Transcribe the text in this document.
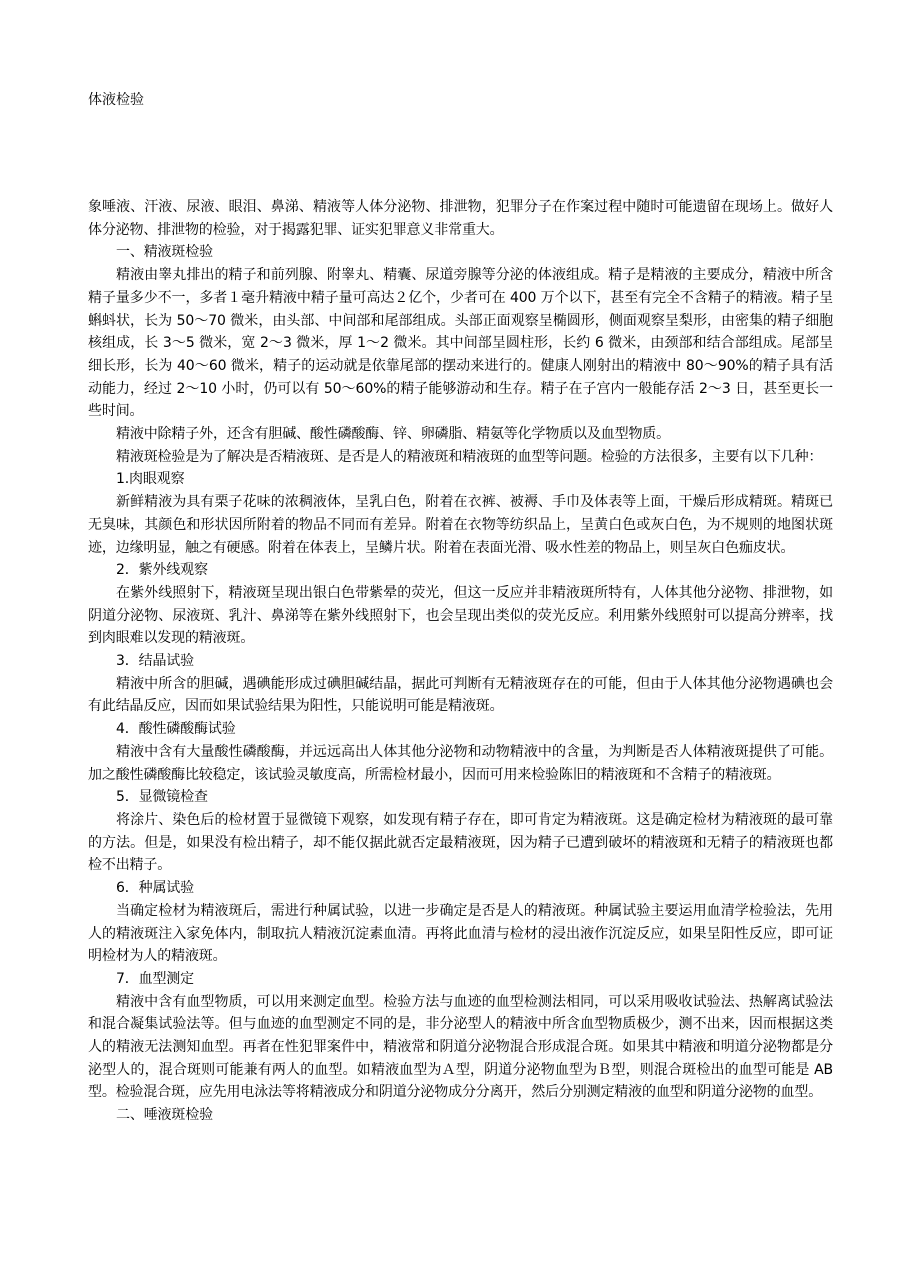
体液检验

象唾液、汗液、尿液、眼泪、鼻涕、精液等人体分泌物、排泄物，犯罪分子在作案过程中随时可能遗留在现场上。做好人体分泌物、排泄物的检验，对于揭露犯罪、证实犯罪意义非常重大。

一、精液斑检验

精液由睾丸排出的精子和前列腺、附睾丸、精囊、尿道旁腺等分泌的体液组成。精子是精液的主要成分，精液中所含精子量多少不一，多者１毫升精液中精子量可高达２亿个，少者可在 400 万个以下，甚至有完全不含精子的精液。精子呈蝌蚪状，长为 50～70 微米，由头部、中间部和尾部组成。头部正面观察呈椭圆形，侧面观察呈梨形，由密集的精子细胞核组成，长 3～5 微米，宽 2～3 微米，厚 1～2 微米。其中间部呈圆柱形，长约 6 微米，由颈部和结合部组成。尾部呈细长形，长为 40～60 微米，精子的运动就是依靠尾部的摆动来进行的。健康人刚射出的精液中 80～90%的精子具有活动能力，经过 2～10 小时，仍可以有 50～60%的精子能够游动和生存。精子在子宫内一般能存活 2～3 日，甚至更长一些时间。

精液中除精子外，还含有胆碱、酸性磷酸酶、锌、卵磷脂、精氨等化学物质以及血型物质。

精液斑检验是为了解决是否精液斑、是否是人的精液斑和精液斑的血型等问题。检验的方法很多，主要有以下几种：

1.肉眼观察

新鲜精液为具有栗子花味的浓稠液体，呈乳白色，附着在衣裤、被褥、手巾及体表等上面，干燥后形成精斑。精斑已无臭味，其颜色和形状因所附着的物品不同而有差异。附着在衣物等纺织品上，呈黄白色或灰白色，为不规则的地图状斑迹，边缘明显，触之有硬感。附着在体表上，呈鳞片状。附着在表面光滑、吸水性差的物品上，则呈灰白色痂皮状。

2．紫外线观察

在紫外线照射下，精液斑呈现出银白色带紫晕的荧光，但这一反应并非精液斑所特有，人体其他分泌物、排泄物，如阴道分泌物、尿液斑、乳汁、鼻涕等在紫外线照射下，也会呈现出类似的荧光反应。利用紫外线照射可以提高分辨率，找到肉眼难以发现的精液斑。

3．结晶试验

精液中所含的胆碱，遇碘能形成过碘胆碱结晶，据此可判断有无精液斑存在的可能，但由于人体其他分泌物遇碘也会有此结晶反应，因而如果试验结果为阳性，只能说明可能是精液斑。

4．酸性磷酸酶试验

精液中含有大量酸性磷酸酶，并远远高出人体其他分泌物和动物精液中的含量，为判断是否人体精液斑提供了可能。加之酸性磷酸酶比较稳定，该试验灵敏度高，所需检材最小，因而可用来检验陈旧的精液斑和不含精子的精液斑。

5．显微镜检查

将涂片、染色后的检材置于显微镜下观察，如发现有精子存在，即可肯定为精液斑。这是确定检材为精液斑的最可靠的方法。但是，如果没有检出精子，却不能仅据此就否定最精液斑，因为精子已遭到破坏的精液斑和无精子的精液斑也都检不出精子。

6．种属试验

当确定检材为精液斑后，需进行种属试验，以进一步确定是否是人的精液斑。种属试验主要运用血清学检验法，先用人的精液斑注入家免体内，制取抗人精液沉淀素血清。再将此血清与检材的浸出液作沉淀反应，如果呈阳性反应，即可证明检材为人的精液斑。

7．血型测定

精液中含有血型物质，可以用来测定血型。检验方法与血迹的血型检测法相同，可以采用吸收试验法、热解离试验法和混合凝集试验法等。但与血迹的血型测定不同的是，非分泌型人的精液中所含血型物质极少，测不出来，因而根据这类人的精液无法测知血型。再者在性犯罪案件中，精液常和阴道分泌物混合形成混合斑。如果其中精液和明道分泌物都是分泌型人的，混合斑则可能兼有两人的血型。如精液血型为Ａ型，阴道分泌物血型为Ｂ型，则混合斑检出的血型可能是 AB 型。检验混合斑，应先用电泳法等将精液成分和阴道分泌物成分分离开，然后分别测定精液的血型和阴道分泌物的血型。

二、唾液斑检验
